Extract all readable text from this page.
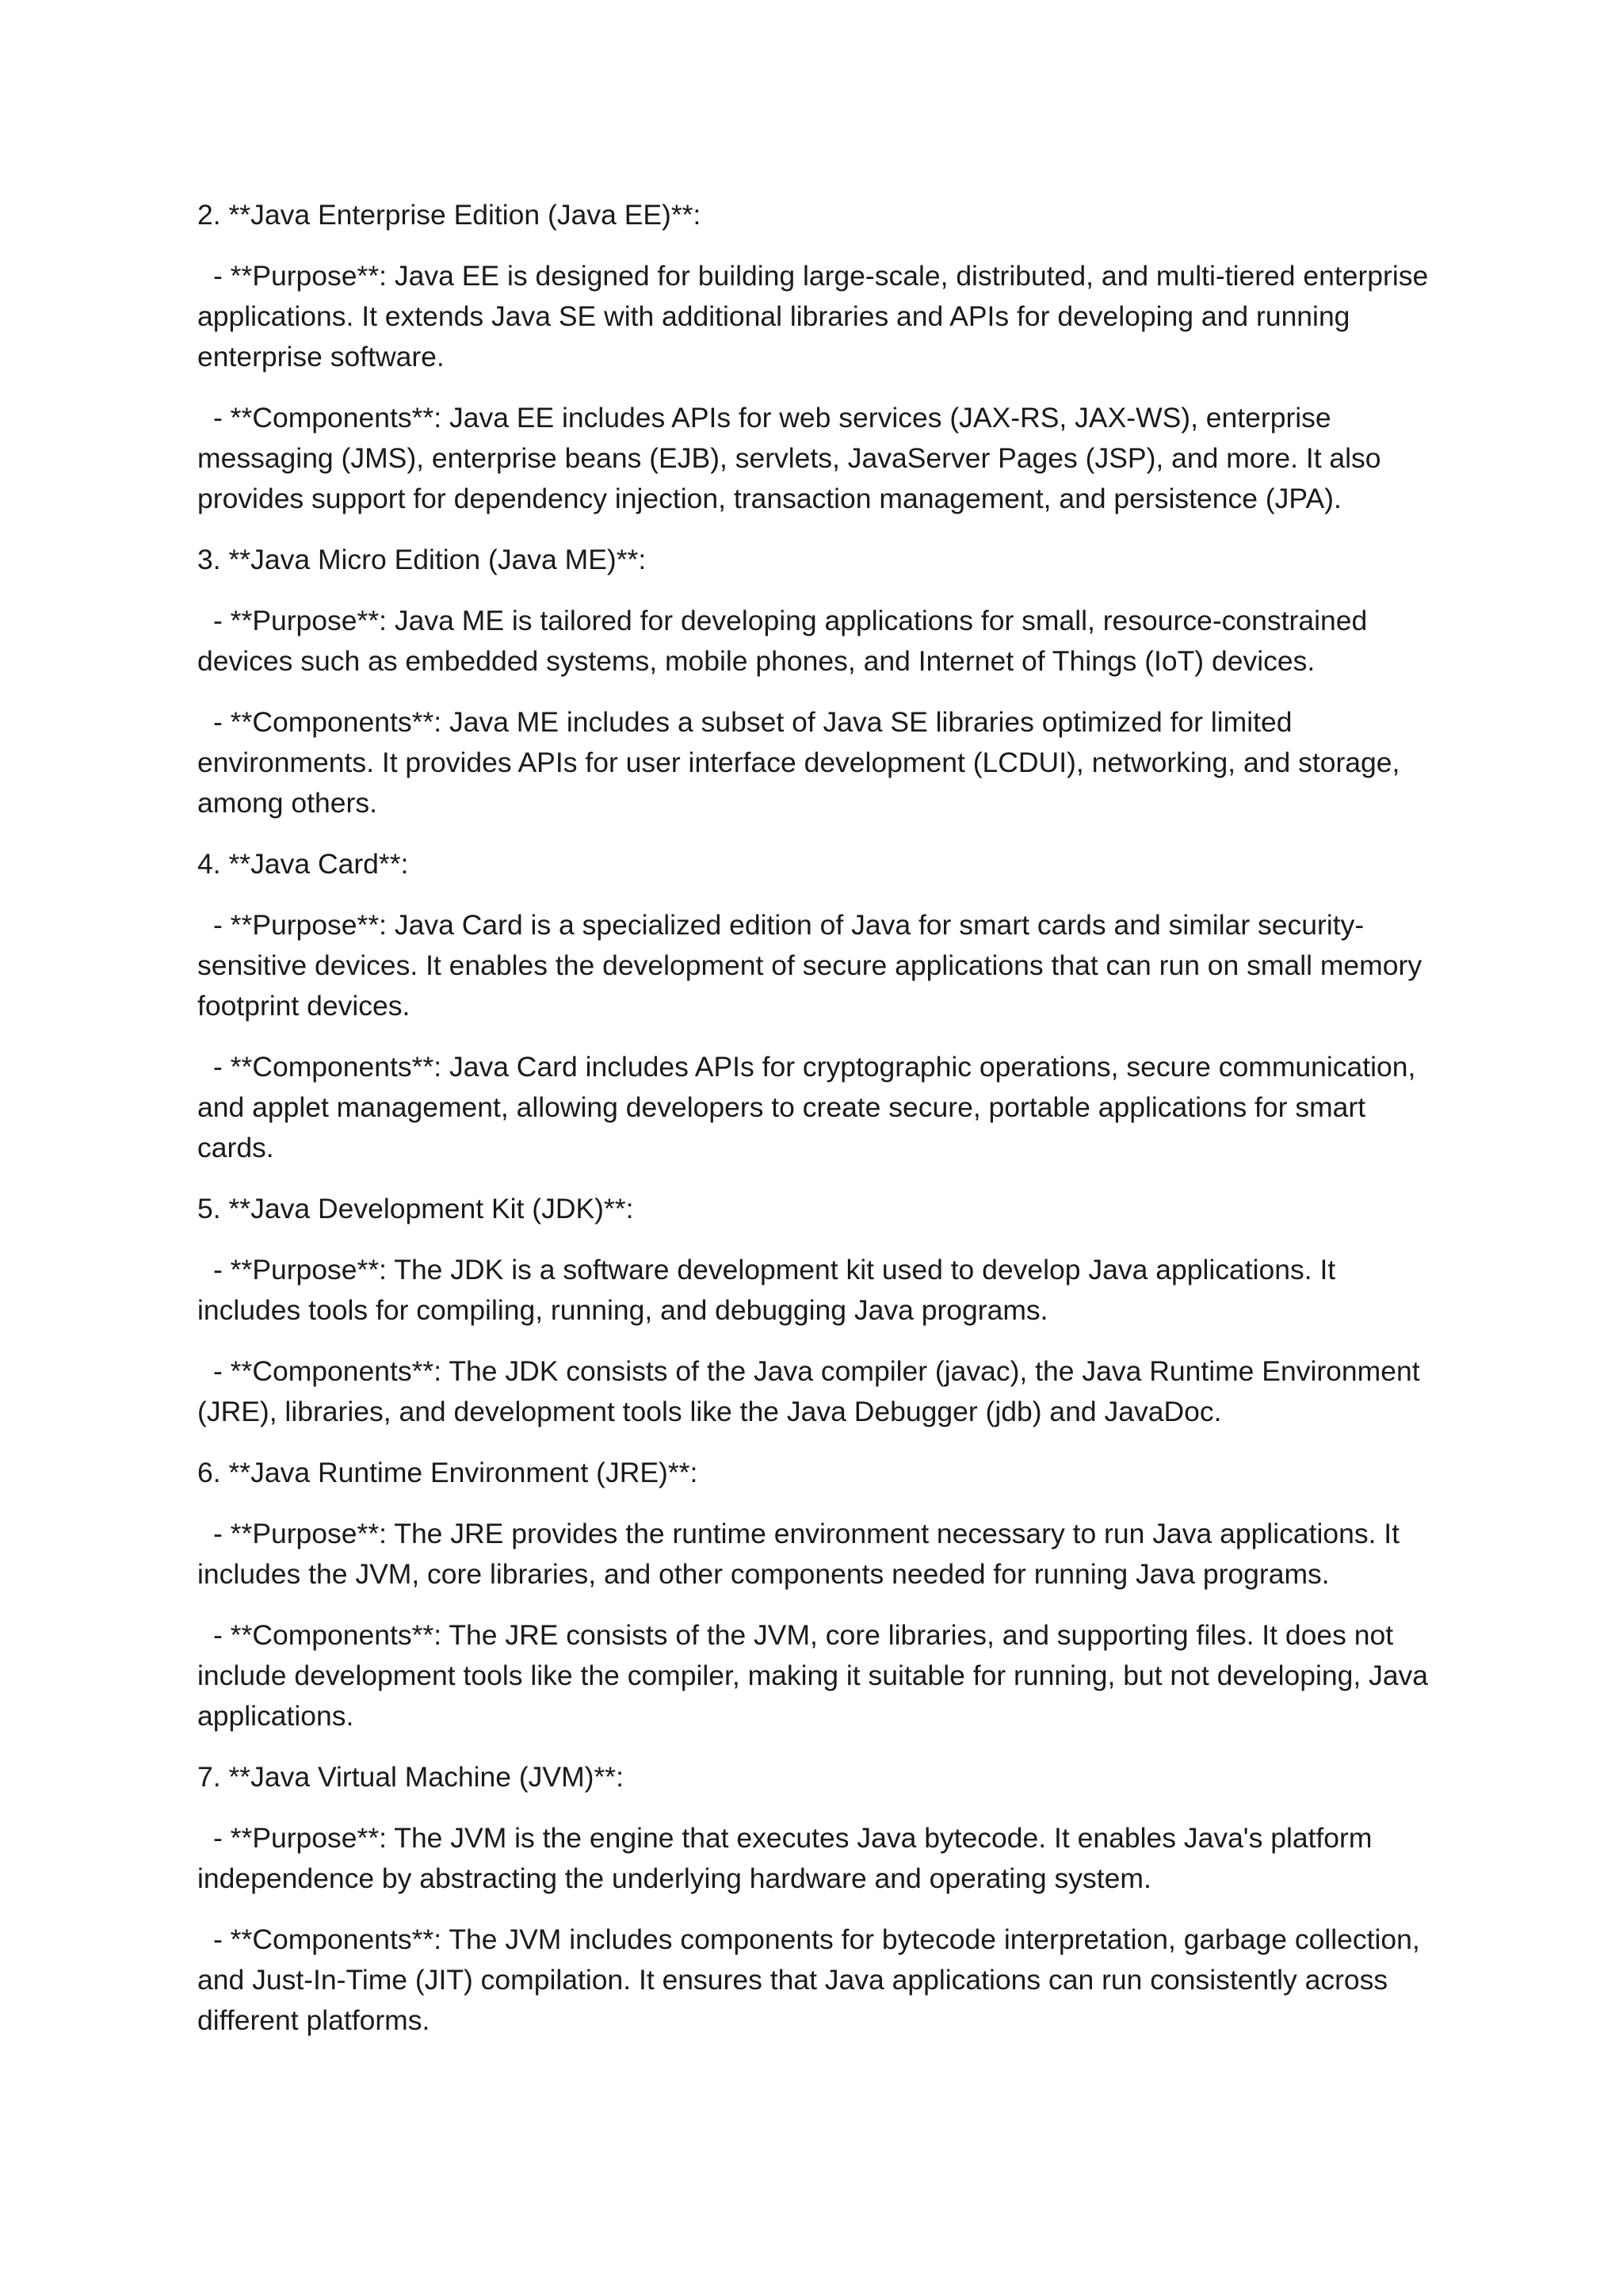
2. **Java Enterprise Edition (Java EE)**:

- **Purpose**: Java EE is designed for building large-scale, distributed, and multi-tiered enterprise applications. It extends Java SE with additional libraries and APIs for developing and running enterprise software.

- **Components**: Java EE includes APIs for web services (JAX-RS, JAX-WS), enterprise messaging (JMS), enterprise beans (EJB), servlets, JavaServer Pages (JSP), and more. It also provides support for dependency injection, transaction management, and persistence (JPA).

3. **Java Micro Edition (Java ME)**:

- **Purpose**: Java ME is tailored for developing applications for small, resource-constrained devices such as embedded systems, mobile phones, and Internet of Things (IoT) devices.

- **Components**: Java ME includes a subset of Java SE libraries optimized for limited environments. It provides APIs for user interface development (LCDUI), networking, and storage, among others.

4. **Java Card**:

- **Purpose**: Java Card is a specialized edition of Java for smart cards and similar security-sensitive devices. It enables the development of secure applications that can run on small memory footprint devices.

- **Components**: Java Card includes APIs for cryptographic operations, secure communication, and applet management, allowing developers to create secure, portable applications for smart cards.

5. **Java Development Kit (JDK)**:

- **Purpose**: The JDK is a software development kit used to develop Java applications. It includes tools for compiling, running, and debugging Java programs.

- **Components**: The JDK consists of the Java compiler (javac), the Java Runtime Environment (JRE), libraries, and development tools like the Java Debugger (jdb) and JavaDoc.

6. **Java Runtime Environment (JRE)**:

- **Purpose**: The JRE provides the runtime environment necessary to run Java applications. It includes the JVM, core libraries, and other components needed for running Java programs.

- **Components**: The JRE consists of the JVM, core libraries, and supporting files. It does not include development tools like the compiler, making it suitable for running, but not developing, Java applications.

7. **Java Virtual Machine (JVM)**:

- **Purpose**: The JVM is the engine that executes Java bytecode. It enables Java's platform independence by abstracting the underlying hardware and operating system.

- **Components**: The JVM includes components for bytecode interpretation, garbage collection, and Just-In-Time (JIT) compilation. It ensures that Java applications can run consistently across different platforms.
